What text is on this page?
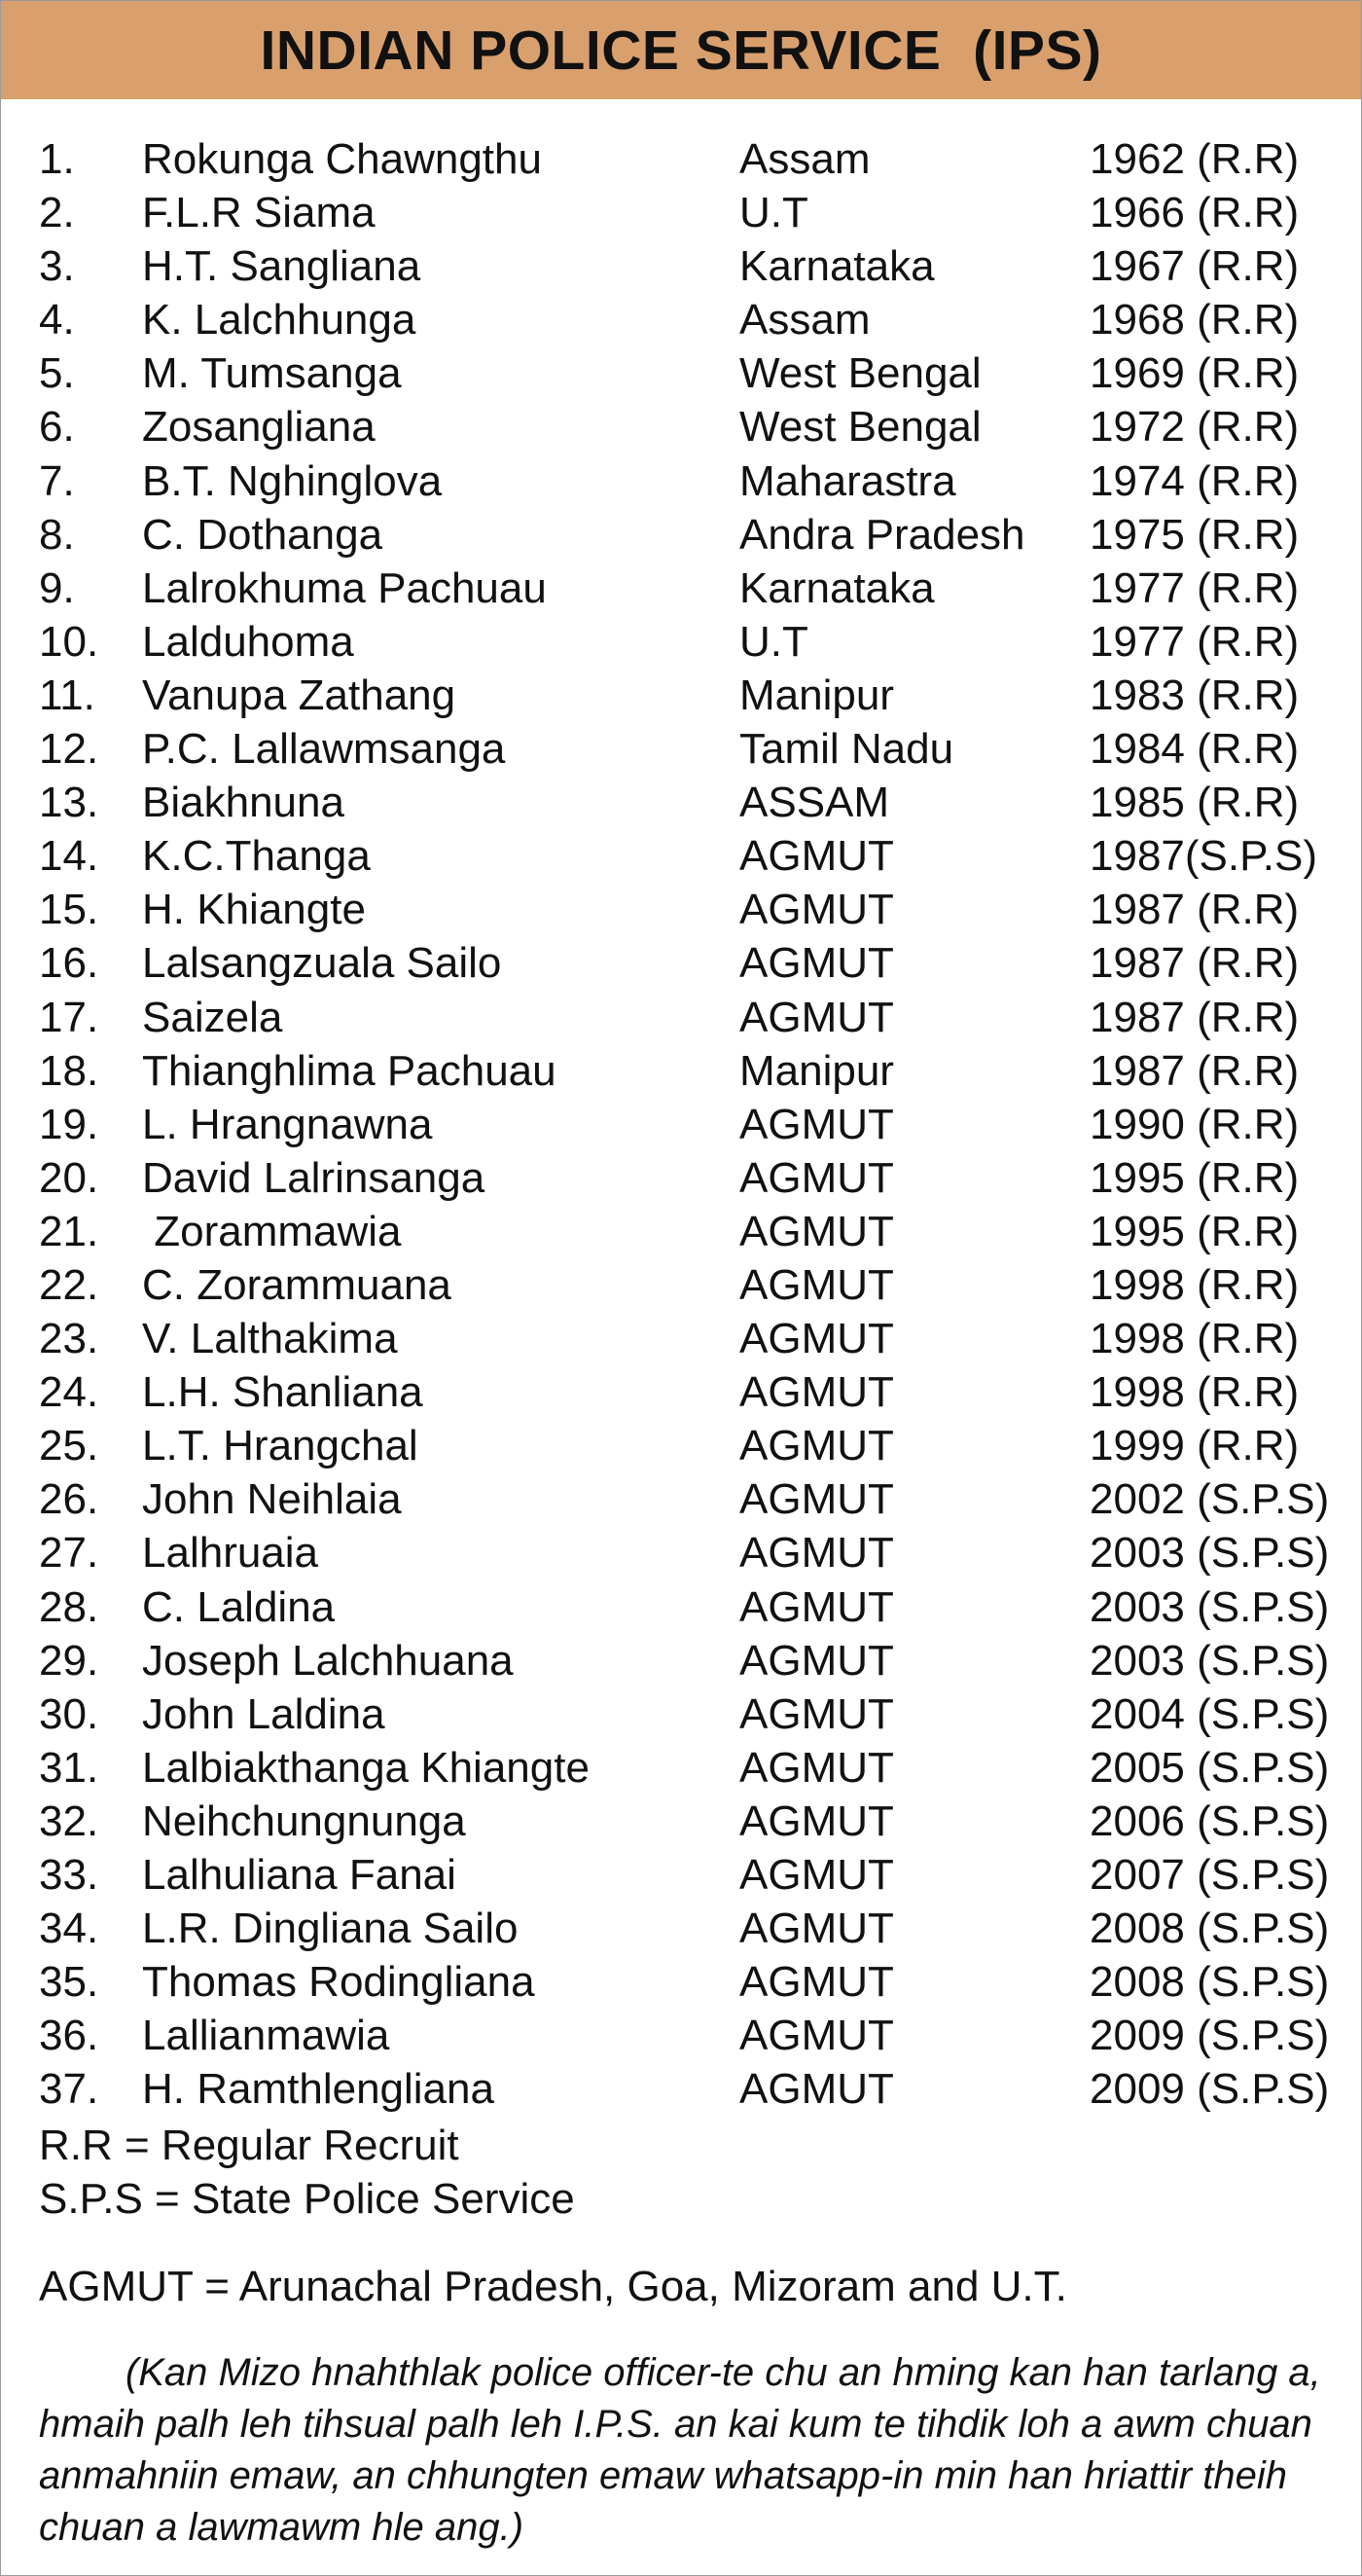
INDIAN POLICE SERVICE  (IPS)
1. Rokunga Chawngthu	Assam	1962 (R.R)
2. F.L.R Siama	U.T	1966 (R.R)
3. H.T. Sangliana	Karnataka	1967 (R.R)
4. K. Lalchhunga	Assam	1968 (R.R)
5. M. Tumsanga	West Bengal	1969 (R.R)
6. Zosangliana	West Bengal	1972 (R.R)
7. B.T. Nghinglova	Maharastra	1974 (R.R)
8. C. Dothanga	Andra Pradesh 1975 (R.R)
9. Lalrokhuma Pachuau	Karnataka	1977 (R.R)
10. Lalduhoma	U.T	1977 (R.R)
11. Vanupa Zathang	Manipur	1983 (R.R)
12. P.C. Lallawmsanga	Tamil Nadu	1984 (R.R)
13. Biakhnuna	ASSAM	1985 (R.R)
14. K.C.Thanga	AGMUT	1987(S.P.S)
15. H. Khiangte	AGMUT	1987 (R.R)
16. Lalsangzuala Sailo	AGMUT	1987 (R.R)
17. Saizela	AGMUT	1987 (R.R)
18. Thianghlima Pachuau	Manipur	1987 (R.R)
19. L. Hrangnawna	AGMUT	1990 (R.R)
20. David Lalrinsanga	AGMUT	1995 (R.R)
21. Zorammawia	AGMUT	1995 (R.R)
22. C. Zorammuana	AGMUT	1998 (R.R)
23. V. Lalthakima	AGMUT	1998 (R.R)
24. L.H. Shanliana	AGMUT	1998 (R.R)
25. L.T. Hrangchal	AGMUT	1999 (R.R)
26. John Neihlaia	AGMUT	2002 (S.P.S)
27. Lalhruaia	AGMUT	2003 (S.P.S)
28. C. Laldina	AGMUT	2003 (S.P.S)
29. Joseph Lalchhuana	AGMUT	2003 (S.P.S)
30. John Laldina	AGMUT	2004 (S.P.S)
31. Lalbiakthanga Khiangte	AGMUT	2005 (S.P.S)
32. Neihchungnunga	AGMUT	2006 (S.P.S)
33. Lalhuliana Fanai	AGMUT	2007 (S.P.S)
34. L.R. Dingliana Sailo	AGMUT	2008 (S.P.S)
35. Thomas Rodingliana	AGMUT	2008 (S.P.S)
36. Lallianmawia	AGMUT	2009 (S.P.S)
37. H. Ramthlengliana	AGMUT	2009 (S.P.S)
R.R = Regular Recruit
S.P.S = State Police Service
AGMUT = Arunachal Pradesh, Goa, Mizoram and U.T.
(Kan Mizo hnahthlak police officer-te chu an hming kan han tarlang a,
hmaih palh leh tihsual palh leh I.P.S. an kai kum te tihdik loh a awm chuan
anmahniin emaw, an chhungten emaw whatsapp-in min han hriattir theih
chuan a lawmawm hle ang.)
